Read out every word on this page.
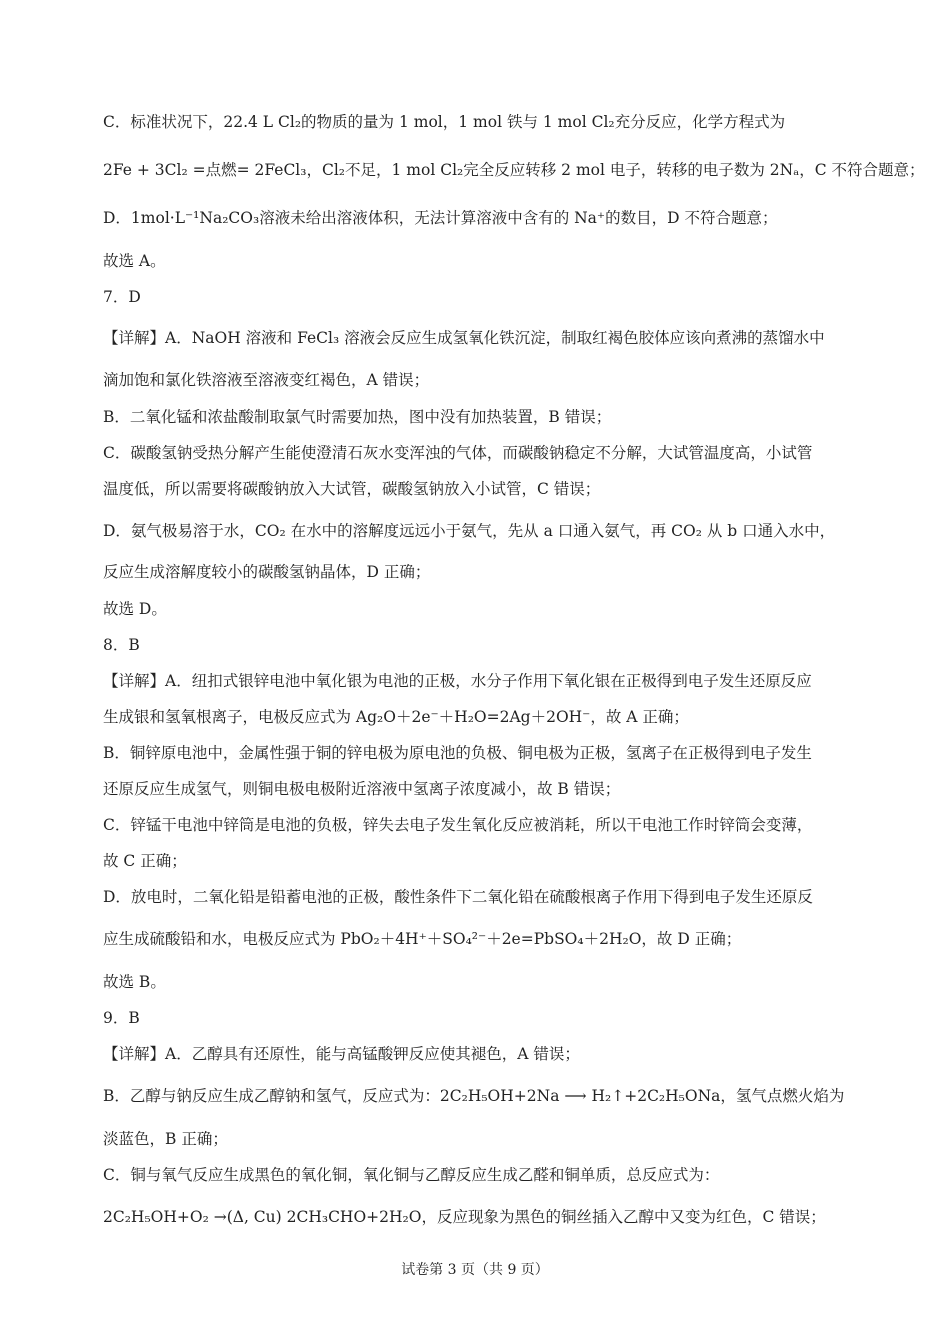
C．标准状况下，22.4 L Cl₂的物质的量为 1 mol，1 mol 铁与 1 mol Cl₂充分反应，化学方程式为
2Fe + 3Cl₂ =点燃= 2FeCl₃，Cl₂不足，1 mol Cl₂完全反应转移 2 mol 电子，转移的电子数为 2Nₐ，C 不符合题意；
D．1mol·L⁻¹Na₂CO₃溶液未给出溶液体积，无法计算溶液中含有的 Na⁺的数目，D 不符合题意；
故选 A。
7．D
【详解】A．NaOH 溶液和 FeCl₃ 溶液会反应生成氢氧化铁沉淀，制取红褐色胶体应该向煮沸的蒸馏水中
滴加饱和氯化铁溶液至溶液变红褐色，A 错误；
B．二氧化锰和浓盐酸制取氯气时需要加热，图中没有加热装置，B 错误；
C．碳酸氢钠受热分解产生能使澄清石灰水变浑浊的气体，而碳酸钠稳定不分解，大试管温度高，小试管
温度低，所以需要将碳酸钠放入大试管，碳酸氢钠放入小试管，C 错误；
D．氨气极易溶于水，CO₂ 在水中的溶解度远远小于氨气，先从 a 口通入氨气，再 CO₂ 从 b 口通入水中，
反应生成溶解度较小的碳酸氢钠晶体，D 正确；
故选 D。
8．B
【详解】A．纽扣式银锌电池中氧化银为电池的正极，水分子作用下氧化银在正极得到电子发生还原反应
生成银和氢氧根离子，电极反应式为 Ag₂O＋2e⁻＋H₂O=2Ag＋2OH⁻，故 A 正确；
B．铜锌原电池中，金属性强于铜的锌电极为原电池的负极、铜电极为正极，氢离子在正极得到电子发生
还原反应生成氢气，则铜电极电极附近溶液中氢离子浓度减小，故 B 错误；
C．锌锰干电池中锌筒是电池的负极，锌失去电子发生氧化反应被消耗，所以干电池工作时锌筒会变薄，
故 C 正确；
D．放电时，二氧化铅是铅蓄电池的正极，酸性条件下二氧化铅在硫酸根离子作用下得到电子发生还原反
应生成硫酸铅和水，电极反应式为 PbO₂＋4H⁺＋SO₄²⁻＋2e=PbSO₄＋2H₂O，故 D 正确；
故选 B。
9．B
【详解】A．乙醇具有还原性，能与高锰酸钾反应使其褪色，A 错误；
B．乙醇与钠反应生成乙醇钠和氢气，反应式为：2C₂H₅OH+2Na ⟶ H₂↑+2C₂H₅ONa，氢气点燃火焰为
淡蓝色，B 正确；
C．铜与氧气反应生成黑色的氧化铜，氧化铜与乙醇反应生成乙醛和铜单质，总反应式为：
2C₂H₅OH+O₂ →(Δ, Cu) 2CH₃CHO+2H₂O，反应现象为黑色的铜丝插入乙醇中又变为红色，C 错误；
试卷第 3 页（共 9 页）
